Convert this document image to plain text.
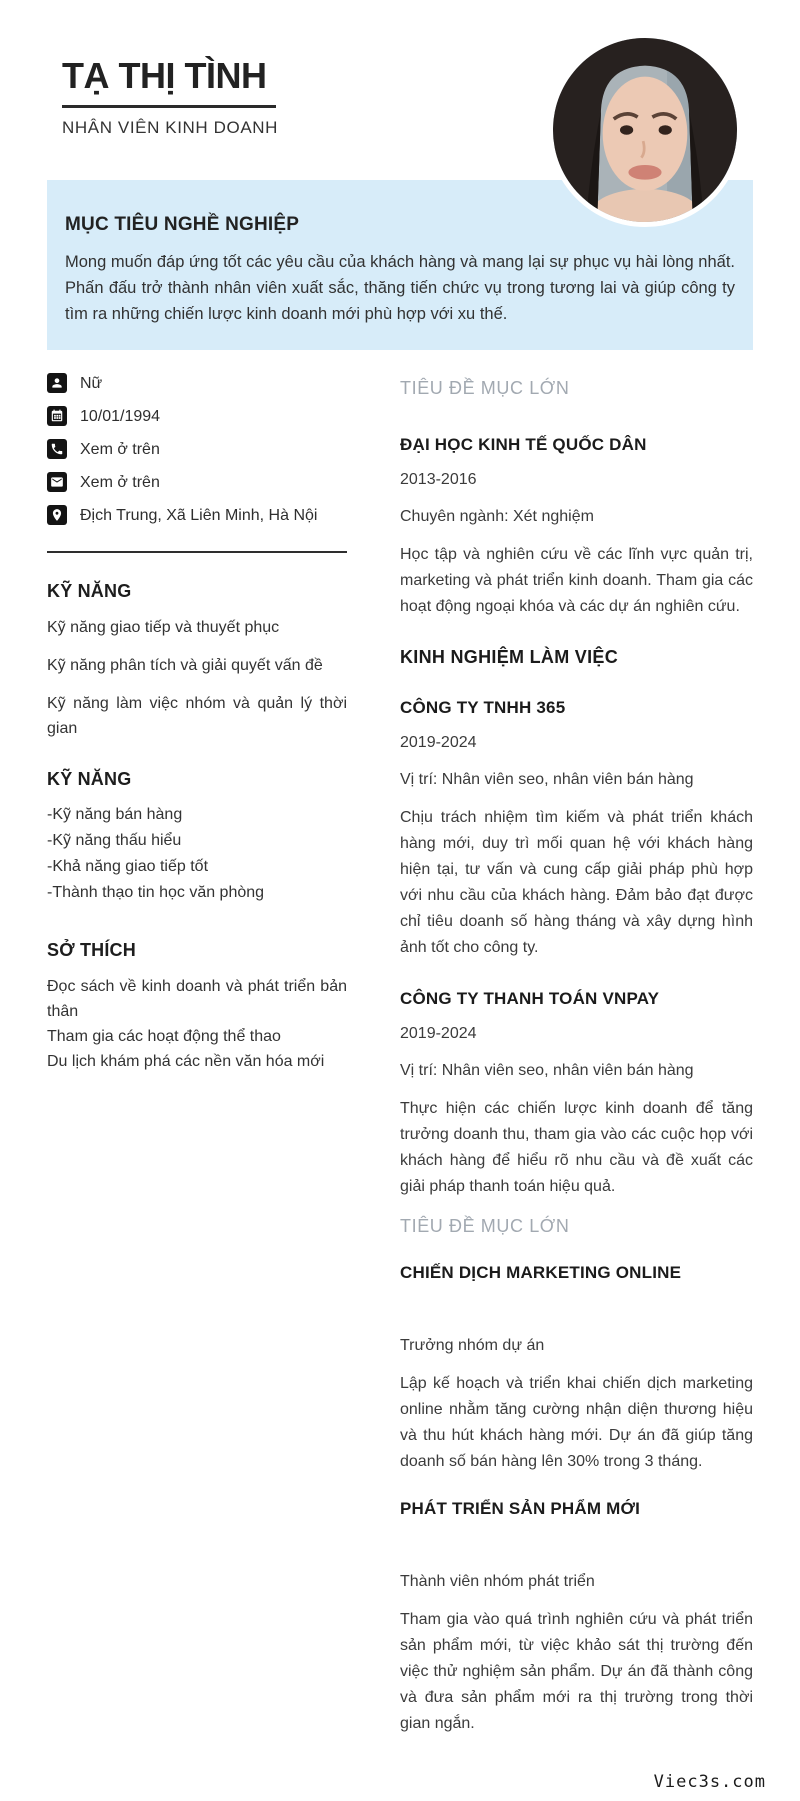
TẠ THỊ TÌNH
NHÂN VIÊN KINH DOANH
MỤC TIÊU NGHỀ NGHIỆP

Mong muốn đáp ứng tốt các yêu cầu của khách hàng và mang lại sự phục vụ hài lòng nhất. Phấn đấu trở thành nhân viên xuất sắc, thăng tiến chức vụ trong tương lai và giúp công ty tìm ra những chiến lược kinh doanh mới phù hợp với xu thế.

Nữ
10/01/1994
Xem ở trên
Xem ở trên
Địch Trung, Xã Liên Minh, Hà Nội
KỸ NĂNG
Kỹ năng giao tiếp và thuyết phục
Kỹ năng phân tích và giải quyết vấn đề
Kỹ năng làm việc nhóm và quản lý thời gian
KỸ NĂNG
-Kỹ năng bán hàng
-Kỹ năng thấu hiểu
-Khả năng giao tiếp tốt
-Thành thạo tin học văn phòng
SỞ THÍCH
Đọc sách về kinh doanh và phát triển bản thân
Tham gia các hoạt động thể thao
Du lịch khám phá các nền văn hóa mới
TIÊU ĐỀ MỤC LỚN
ĐẠI HỌC KINH TẾ QUỐC DÂN
2013-2016
Chuyên ngành: Xét nghiệm

Học tập và nghiên cứu về các lĩnh vực quản trị, marketing và phát triển kinh doanh. Tham gia các hoạt động ngoại khóa và các dự án nghiên cứu.

KINH NGHIỆM LÀM VIỆC
CÔNG TY TNHH 365
2019-2024
Vị trí: Nhân viên seo, nhân viên bán hàng

Chịu trách nhiệm tìm kiếm và phát triển khách hàng mới, duy trì mối quan hệ với khách hàng hiện tại, tư vấn và cung cấp giải pháp phù hợp với nhu cầu của khách hàng. Đảm bảo đạt được chỉ tiêu doanh số hàng tháng và xây dựng hình ảnh tốt cho công ty.

CÔNG TY THANH TOÁN VNPAY
2019-2024
Vị trí: Nhân viên seo, nhân viên bán hàng

Thực hiện các chiến lược kinh doanh để tăng trưởng doanh thu, tham gia vào các cuộc họp với khách hàng để hiểu rõ nhu cầu và đề xuất các giải pháp thanh toán hiệu quả.

TIÊU ĐỀ MỤC LỚN
CHIẾN DỊCH MARKETING ONLINE
Trưởng nhóm dự án

Lập kế hoạch và triển khai chiến dịch marketing online nhằm tăng cường nhận diện thương hiệu và thu hút khách hàng mới. Dự án đã giúp tăng doanh số bán hàng lên 30% trong 3 tháng.

PHÁT TRIỂN SẢN PHẨM MỚI
Thành viên nhóm phát triển

Tham gia vào quá trình nghiên cứu và phát triển sản phẩm mới, từ việc khảo sát thị trường đến việc thử nghiệm sản phẩm. Dự án đã thành công và đưa sản phẩm mới ra thị trường trong thời gian ngắn.

Viec3s.com
